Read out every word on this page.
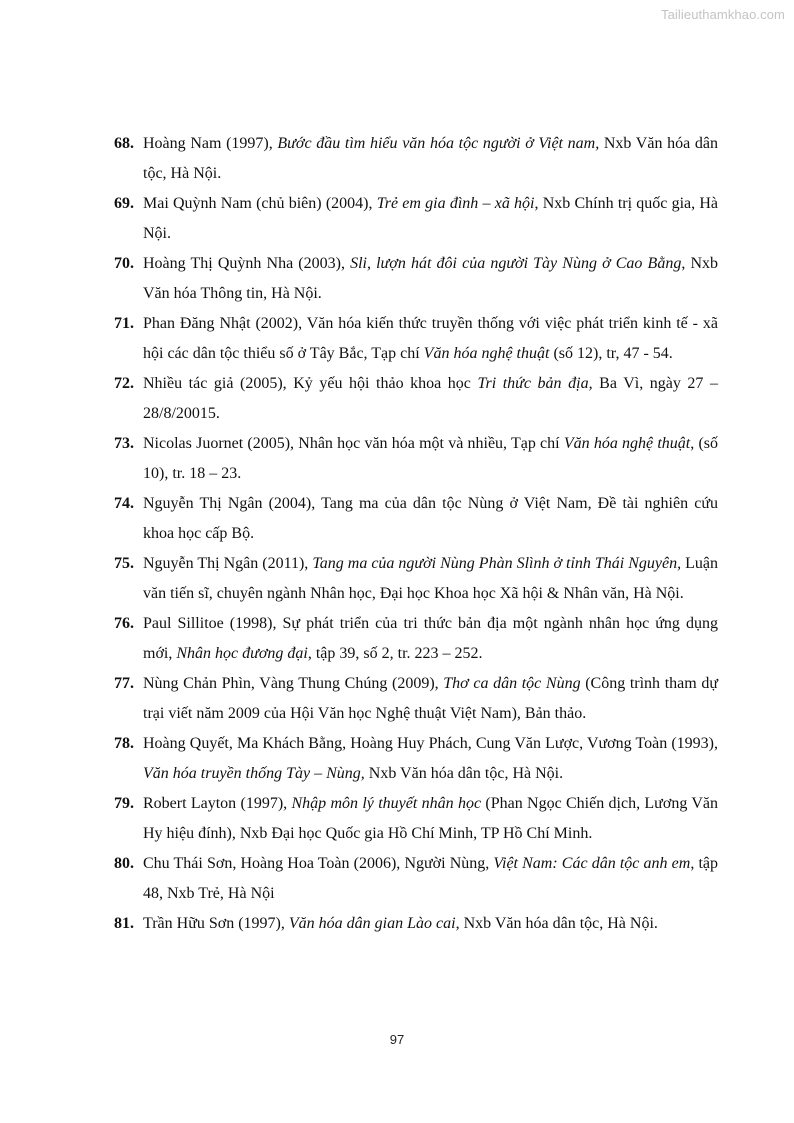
Tailieuthamkhao.com
68. Hoàng Nam (1997), Bước đầu tìm hiểu văn hóa tộc người ở Việt nam, Nxb Văn hóa dân tộc, Hà Nội.
69. Mai Quỳnh Nam (chủ biên) (2004), Trẻ em gia đình – xã hội, Nxb Chính trị quốc gia, Hà Nội.
70. Hoàng Thị Quỳnh Nha (2003), Sli, lượn hát đôi của người Tày Nùng ở Cao Bằng, Nxb Văn hóa Thông tin, Hà Nội.
71. Phan Đăng Nhật (2002), Văn hóa kiến thức truyền thống với việc phát triển kinh tế - xã hội các dân tộc thiểu số ở Tây Bắc, Tạp chí Văn hóa nghệ thuật (số 12), tr, 47 - 54.
72. Nhiều tác giả (2005), Kỷ yếu hội thảo khoa học Tri thức bản địa, Ba Vì, ngày 27 – 28/8/20015.
73. Nicolas Juornet (2005), Nhân học văn hóa một và nhiều, Tạp chí Văn hóa nghệ thuật, (số 10), tr. 18 – 23.
74. Nguyễn Thị Ngân (2004), Tang ma của dân tộc Nùng ở Việt Nam, Đề tài nghiên cứu khoa học cấp Bộ.
75. Nguyễn Thị Ngân (2011), Tang ma của người Nùng Phàn Slình ở tỉnh Thái Nguyên, Luận văn tiến sĩ, chuyên ngành Nhân học, Đại học Khoa học Xã hội & Nhân văn, Hà Nội.
76. Paul Sillitoe (1998), Sự phát triển của tri thức bản địa một ngành nhân học ứng dụng mới, Nhân học đương đại, tập 39, số 2, tr. 223 – 252.
77. Nùng Chản Phìn, Vàng Thung Chúng (2009), Thơ ca dân tộc Nùng (Công trình tham dự trại viết năm 2009 của Hội Văn học Nghệ thuật Việt Nam), Bản thảo.
78. Hoàng Quyết, Ma Khách Bằng, Hoàng Huy Phách, Cung Văn Lược, Vương Toàn (1993), Văn hóa truyền thống Tày – Nùng, Nxb Văn hóa dân tộc, Hà Nội.
79. Robert Layton (1997), Nhập môn lý thuyết nhân học (Phan Ngọc Chiến dịch, Lương Văn Hy hiệu đính), Nxb Đại học Quốc gia Hồ Chí Minh, TP Hồ Chí Minh.
80. Chu Thái Sơn, Hoàng Hoa Toàn (2006), Người Nùng, Việt Nam: Các dân tộc anh em, tập 48, Nxb Trẻ, Hà Nội
81. Trần Hữu Sơn (1997), Văn hóa dân gian Lào cai, Nxb Văn hóa dân tộc, Hà Nội.
97
